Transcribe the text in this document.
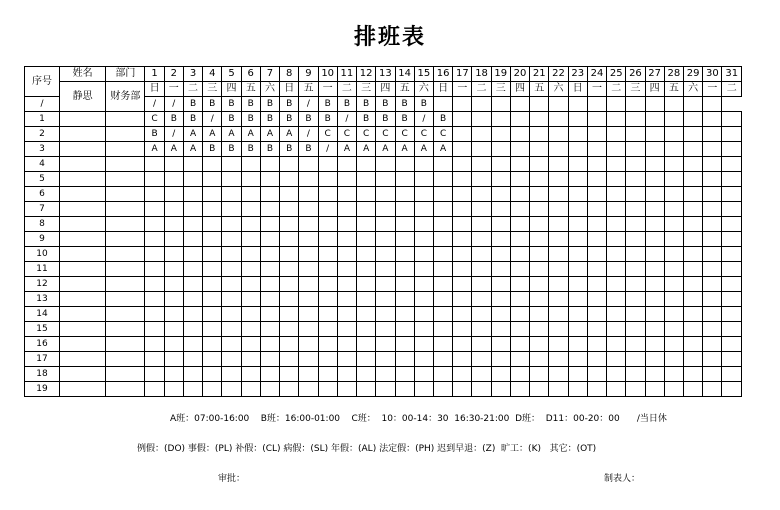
排班表
序号	姓名	部门	1	2	3	4	5	6	7	8	9	10	11	12	13	14	15	16	17	18	19	20	21	22	23	24	25	26	27	28	29	30	31
	静思	财务部	日	一	二	三	四	五	六	日	五	一	二	三	四	五	六	日	一	二	三	四	五	六	日	一	二	三	四	五	六	一	二
/			/	/	B	B	B	B	B	B	/	B	B	B	B	B	B																
1			C	B	B	/	B	B	B	B	B	B	/	B	B	B	/	B															
2			B	/	A	A	A	A	A	A	/	C	C	C	C	C	C	C															
3			A	A	A	B	B	B	B	B	B	/	A	A	A	A	A	A															
4																																	
5																																	
6																																	
7																																	
8																																	
9																																	
10																																	
11																																	
12																																	
13																																	
14																																	
15																																	
16																																	
17																																	
18																																	
19																																	
A班：07:00-16:00    B班：16:00-01:00    C班：  10：00-14：30  16:30-21:00  D班：  D11：00-20：00      /当日休
例假：(DO) 事假：(PL) 补假：(CL) 病假：(SL) 年假：(AL) 法定假：(PH) 迟到早退：(Z)  旷工：(K)   其它：(OT)
审批：	制表人：
